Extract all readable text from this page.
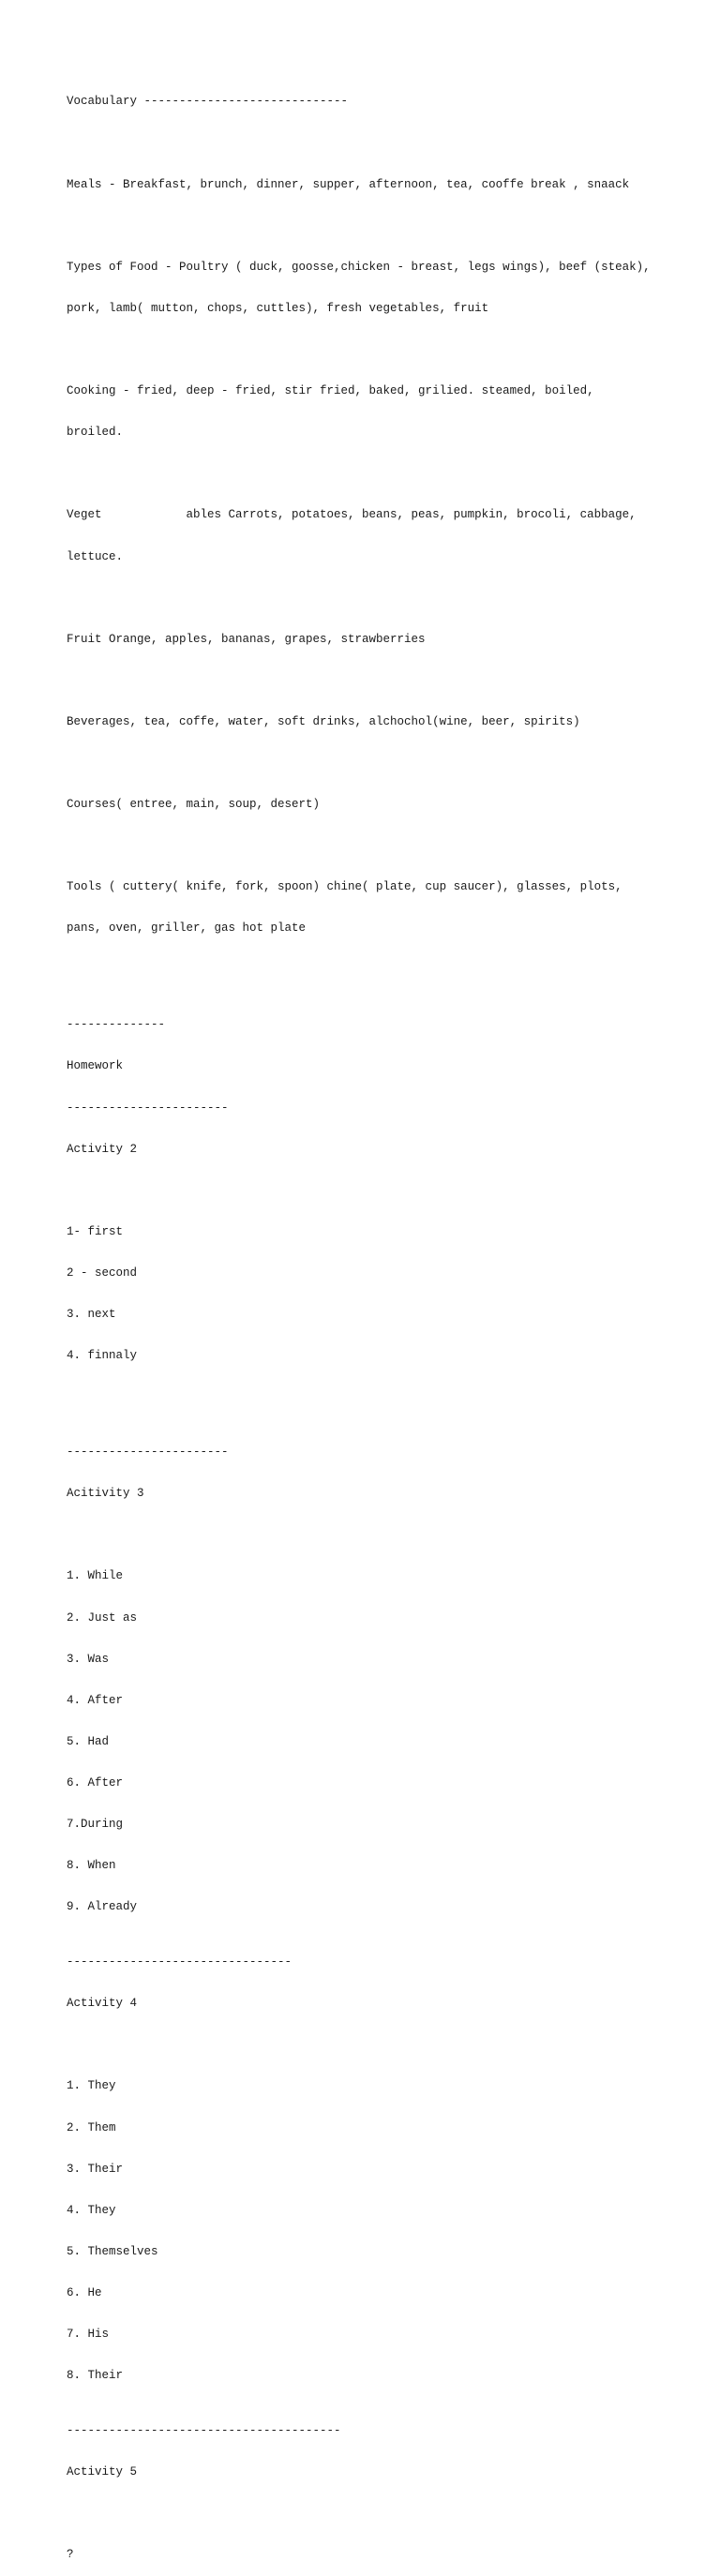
Vocabulary -----------------------------

Meals - Breakfast, brunch, dinner, supper, afternoon, tea, cooffe break , snaack

Types of Food - Poultry ( duck, goosse,chicken - breast, legs wings), beef (steak),

pork, lamb( mutton, chops, cuttles), fresh vegetables, fruit

Cooking - fried, deep - fried, stir fried, baked, grilied. steamed, boiled,

broiled.

Veget            ables Carrots, potatoes, beans, peas, pumpkin, brocoli, cabbage,

lettuce.

Fruit Orange, apples, bananas, grapes, strawberries

Beverages, tea, coffe, water, soft drinks, alchochol(wine, beer, spirits)

Courses( entree, main, soup, desert)

Tools ( cuttery( knife, fork, spoon) chine( plate, cup saucer), glasses, plots,

pans, oven, griller, gas hot plate

--------------

Homework

-----------------------

Activity 2

1- first

2 - second

3. next

4. finnaly

-----------------------

Acitivity 3

1. While

2. Just as

3. Was

4. After

5. Had

6. After

7.During

8. When

9. Already

--------------------------------

Activity 4

1. They

2. Them

3. Their

4. They

5. Themselves

6. He

7. His

8. Their

---------------------------------------

Activity 5

?
